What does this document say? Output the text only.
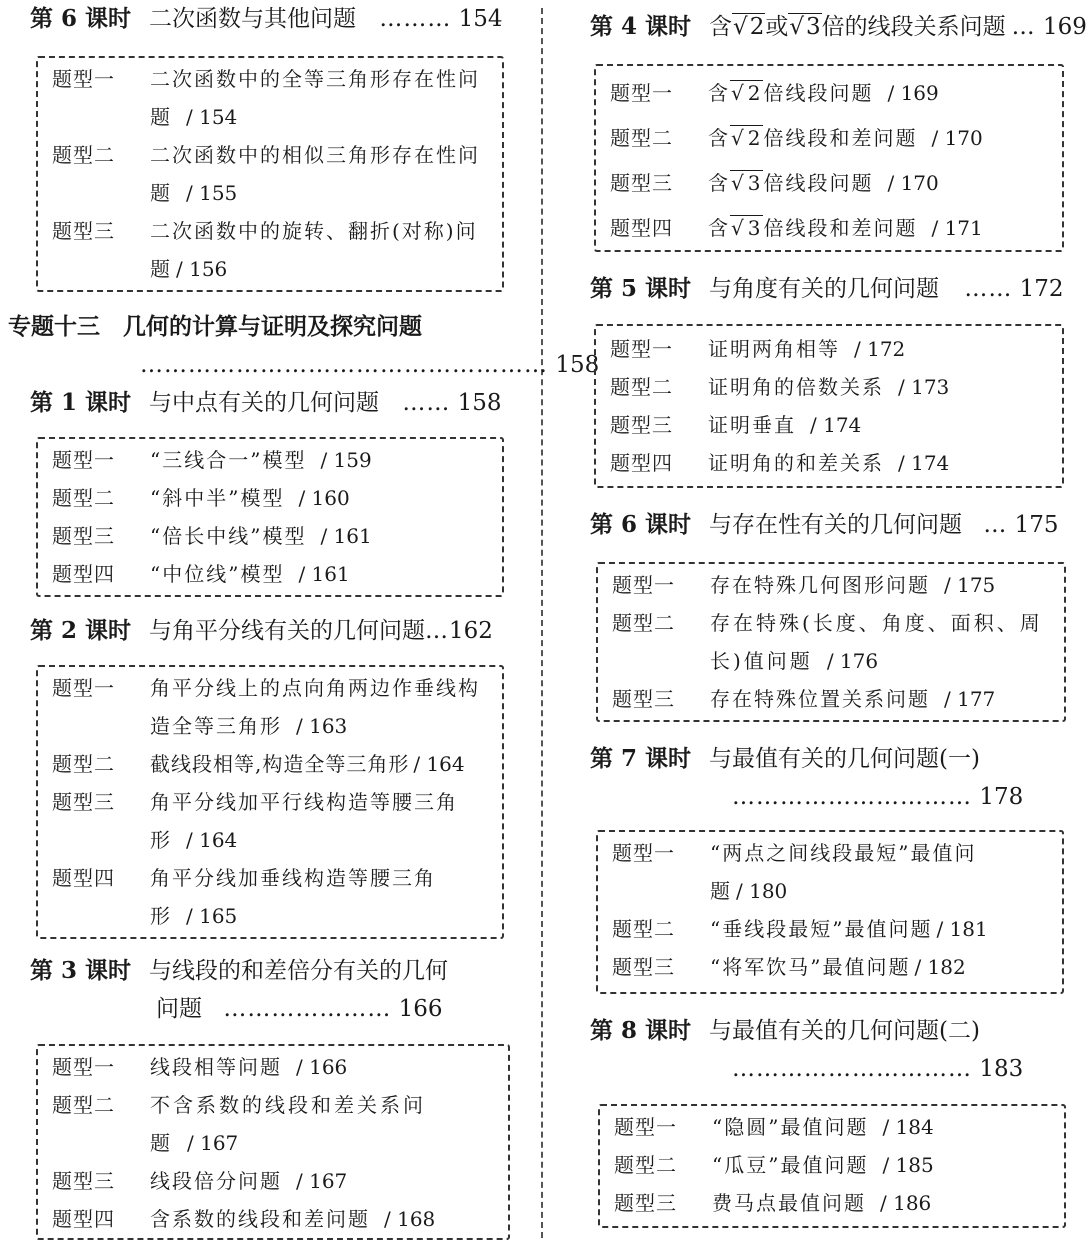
第 6 课时 二次函数与其他问题 ……… 154
题型一	二次函数中的全等三角形存在性问题 / 154
题型二	二次函数中的相似三角形存在性问题 / 155
题型三	二次函数中的旋转、翻折(对称)问题 / 156
专题十三　几何的计算与证明及探究问题
…………………………………………… 158
第 1 课时 与中点有关的几何问题 …… 158
题型一	“三线合一”模型 / 159
题型二	“斜中半”模型 / 160
题型三	“倍长中线”模型 / 161
题型四	“中位线”模型 / 161
第 2 课时 与角平分线有关的几何问题…162
题型一	角平分线上的点向角两边作垂线构造全等三角形 / 163
题型二	截线段相等,构造全等三角形 / 164
题型三	角平分线加平行线构造等腰三角形 / 164
题型四	角平分线加垂线构造等腰三角形 / 165
第 3 课时 与线段的和差倍分有关的几何
问题 ………………… 166
题型一	线段相等问题 / 166
题型二	不含系数的线段和差关系问题 / 167
题型三	线段倍分问题 / 167
题型四	含系数的线段和差问题 / 168
第 4 课时 含√2或√3倍的线段关系问题 … 169
题型一	含√ 2倍线段问题 / 169
题型二	含√ 2倍线段和差问题 / 170
题型三	含√ 3倍线段问题 / 170
题型四	含√ 3倍线段和差问题 / 171
第 5 课时 与角度有关的几何问题 …… 172
题型一	证明两角相等 / 172
题型二	证明角的倍数关系 / 173
题型三	证明垂直 / 174
题型四	证明角的和差关系 / 174
第 6 课时 与存在性有关的几何问题 … 175
题型一	存在特殊几何图形问题 / 175
题型二	存在特殊(长度、角度、面积、周长)值问题 / 176
题型三	存在特殊位置关系问题 / 177
第 7 课时 与最值有关的几何问题(一)
………………………… 178
题型一	“两点之间线段最短”最值问题 / 180
题型二	“垂线段最短”最值问题 / 181
题型三	“将军饮马”最值问题 / 182
第 8 课时 与最值有关的几何问题(二)
………………………… 183
题型一	“隐圆”最值问题 / 184
题型二	“瓜豆”最值问题 / 185
题型三	费马点最值问题 / 186
